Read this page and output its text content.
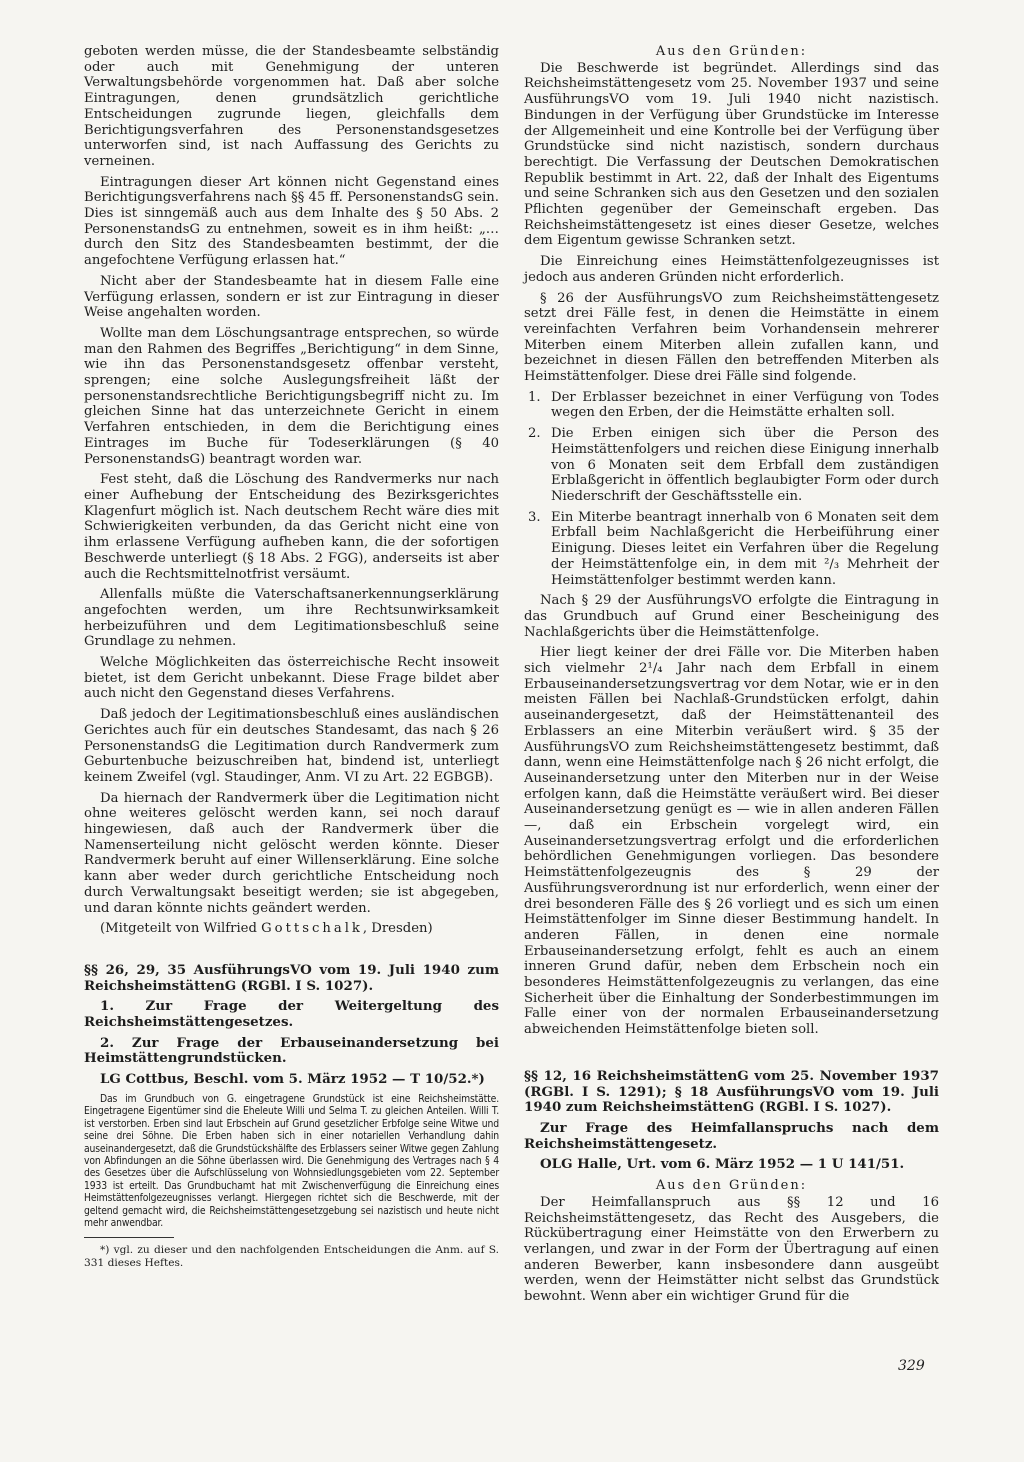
geboten werden müsse, die der Standesbeamte selbständig oder auch mit Genehmigung der unteren Verwaltungsbehörde vorgenommen hat. Daß aber solche Eintragungen, denen grundsätzlich gerichtliche Entscheidungen zugrunde liegen, gleichfalls dem Berichtigungsverfahren des Personenstandsgesetzes unterworfen sind, ist nach Auffassung des Gerichts zu verneinen.

Eintragungen dieser Art können nicht Gegenstand eines Berichtigungsverfahrens nach §§ 45 ff. PersonenstandsG sein. Dies ist sinngemäß auch aus dem Inhalte des § 50 Abs. 2 PersonenstandsG zu entnehmen, soweit es in ihm heißt: „… durch den Sitz des Standesbeamten bestimmt, der die angefochtene Verfügung erlassen hat.“

Nicht aber der Standesbeamte hat in diesem Falle eine Verfügung erlassen, sondern er ist zur Eintragung in dieser Weise angehalten worden.

Wollte man dem Löschungsantrage entsprechen, so würde man den Rahmen des Begriffes „Berichtigung“ in dem Sinne, wie ihn das Personenstandsgesetz offenbar versteht, sprengen; eine solche Auslegungsfreiheit läßt der personenstandsrechtliche Berichtigungsbegriff nicht zu. Im gleichen Sinne hat das unterzeichnete Gericht in einem Verfahren entschieden, in dem die Berichtigung eines Eintrages im Buche für Todeserklärungen (§ 40 PersonenstandsG) beantragt worden war.

Fest steht, daß die Löschung des Randvermerks nur nach einer Aufhebung der Entscheidung des Bezirksgerichtes Klagenfurt möglich ist. Nach deutschem Recht wäre dies mit Schwierigkeiten verbunden, da das Gericht nicht eine von ihm erlassene Verfügung aufheben kann, die der sofortigen Beschwerde unterliegt (§ 18 Abs. 2 FGG), anderseits ist aber auch die Rechtsmittelnotfrist versäumt.

Allenfalls müßte die Vaterschaftsanerkennungserklärung angefochten werden, um ihre Rechtsunwirksamkeit herbeizuführen und dem Legitimationsbeschluß seine Grundlage zu nehmen.

Welche Möglichkeiten das österreichische Recht insoweit bietet, ist dem Gericht unbekannt. Diese Frage bildet aber auch nicht den Gegenstand dieses Verfahrens.

Daß jedoch der Legitimationsbeschluß eines ausländischen Gerichtes auch für ein deutsches Standesamt, das nach § 26 PersonenstandsG die Legitimation durch Randvermerk zum Geburtenbuche beizuschreiben hat, bindend ist, unterliegt keinem Zweifel (vgl. Staudinger, Anm. VI zu Art. 22 EGBGB).

Da hiernach der Randvermerk über die Legitimation nicht ohne weiteres gelöscht werden kann, sei noch darauf hingewiesen, daß auch der Randvermerk über die Namenserteilung nicht gelöscht werden könnte. Dieser Randvermerk beruht auf einer Willenserklärung. Eine solche kann aber weder durch gerichtliche Entscheidung noch durch Verwaltungsakt beseitigt werden; sie ist abgegeben, und daran könnte nichts geändert werden.

(Mitgeteilt von Wilfried Gottschalk, Dresden)

§§ 26, 29, 35 AusführungsVO vom 19. Juli 1940 zum ReichsheimstättenG (RGBl. I S. 1027).

1. Zur Frage der Weitergeltung des Reichsheimstättengesetzes.

2. Zur Frage der Erbauseinandersetzung bei Heimstättengrundstücken.

LG Cottbus, Beschl. vom 5. März 1952 — T 10/52.*)

Das im Grundbuch von G. eingetragene Grundstück ist eine Reichsheimstätte. Eingetragene Eigentümer sind die Eheleute Willi und Selma T. zu gleichen Anteilen. Willi T. ist verstorben. Erben sind laut Erbschein auf Grund gesetzlicher Erbfolge seine Witwe und seine drei Söhne. Die Erben haben sich in einer notariellen Verhandlung dahin auseinandergesetzt, daß die Grundstückshälfte des Erblassers seiner Witwe gegen Zahlung von Abfindungen an die Söhne überlassen wird. Die Genehmigung des Vertrages nach § 4 des Gesetzes über die Aufschlüsselung von Wohnsiedlungsgebieten vom 22. September 1933 ist erteilt. Das Grundbuchamt hat mit Zwischenverfügung die Einreichung eines Heimstättenfolgezeugnisses verlangt. Hiergegen richtet sich die Beschwerde, mit der geltend gemacht wird, die Reichsheimstättengesetzgebung sei nazistisch und heute nicht mehr anwendbar.

*) vgl. zu dieser und den nachfolgenden Entscheidungen die Anm. auf S. 331 dieses Heftes.

Aus den Gründen:

Die Beschwerde ist begründet. Allerdings sind das Reichsheimstättengesetz vom 25. November 1937 und seine AusführungsVO vom 19. Juli 1940 nicht nazistisch. Bindungen in der Verfügung über Grundstücke im Interesse der Allgemeinheit und eine Kontrolle bei der Verfügung über Grundstücke sind nicht nazistisch, sondern durchaus berechtigt. Die Verfassung der Deutschen Demokratischen Republik bestimmt in Art. 22, daß der Inhalt des Eigentums und seine Schranken sich aus den Gesetzen und den sozialen Pflichten gegenüber der Gemeinschaft ergeben. Das Reichsheimstättengesetz ist eines dieser Gesetze, welches dem Eigentum gewisse Schranken setzt.

Die Einreichung eines Heimstättenfolgezeugnisses ist jedoch aus anderen Gründen nicht erforderlich.

§ 26 der AusführungsVO zum Reichsheimstättengesetz setzt drei Fälle fest, in denen die Heimstätte in einem vereinfachten Verfahren beim Vorhandensein mehrerer Miterben einem Miterben allein zufallen kann, und bezeichnet in diesen Fällen den betreffenden Miterben als Heimstättenfolger. Diese drei Fälle sind folgende.

1. Der Erblasser bezeichnet in einer Verfügung von Todes wegen den Erben, der die Heimstätte erhalten soll.
2. Die Erben einigen sich über die Person des Heimstättenfolgers und reichen diese Einigung innerhalb von 6 Monaten seit dem Erbfall dem zuständigen Erblaßgericht in öffentlich beglaubigter Form oder durch Niederschrift der Geschäftsstelle ein.
3. Ein Miterbe beantragt innerhalb von 6 Monaten seit dem Erbfall beim Nachlaßgericht die Herbeiführung einer Einigung. Dieses leitet ein Verfahren über die Regelung der Heimstättenfolge ein, in dem mit ²/₃ Mehrheit der Heimstättenfolger bestimmt werden kann.

Nach § 29 der AusführungsVO erfolgte die Eintragung in das Grundbuch auf Grund einer Bescheinigung des Nachlaßgerichts über die Heimstättenfolge.

Hier liegt keiner der drei Fälle vor. Die Miterben haben sich vielmehr 2¹/₄ Jahr nach dem Erbfall in einem Erbauseinandersetzungsvertrag vor dem Notar, wie er in den meisten Fällen bei Nachlaß-Grundstücken erfolgt, dahin auseinandergesetzt, daß der Heimstättenanteil des Erblassers an eine Miterbin veräußert wird. § 35 der AusführungsVO zum Reichsheimstättengesetz bestimmt, daß dann, wenn eine Heimstättenfolge nach § 26 nicht erfolgt, die Auseinandersetzung unter den Miterben nur in der Weise erfolgen kann, daß die Heimstätte veräußert wird. Bei dieser Auseinandersetzung genügt es — wie in allen anderen Fällen —, daß ein Erbschein vorgelegt wird, ein Auseinandersetzungsvertrag erfolgt und die erforderlichen behördlichen Genehmigungen vorliegen. Das besondere Heimstättenfolgezeugnis des § 29 der Ausführungsverordnung ist nur erforderlich, wenn einer der drei besonderen Fälle des § 26 vorliegt und es sich um einen Heimstättenfolger im Sinne dieser Bestimmung handelt. In anderen Fällen, in denen eine normale Erbauseinandersetzung erfolgt, fehlt es auch an einem inneren Grund dafür, neben dem Erbschein noch ein besonderes Heimstättenfolgezeugnis zu verlangen, das eine Sicherheit über die Einhaltung der Sonderbestimmungen im Falle einer von der normalen Erbauseinandersetzung abweichenden Heimstättenfolge bieten soll.

§§ 12, 16 ReichsheimstättenG vom 25. November 1937 (RGBl. I S. 1291); § 18 AusführungsVO vom 19. Juli 1940 zum ReichsheimstättenG (RGBl. I S. 1027).

Zur Frage des Heimfallanspruchs nach dem Reichsheimstättengesetz.

OLG Halle, Urt. vom 6. März 1952 — 1 U 141/51.

Aus den Gründen:

Der Heimfallanspruch aus §§ 12 und 16 Reichsheimstättengesetz, das Recht des Ausgebers, die Rückübertragung einer Heimstätte von den Erwerbern zu verlangen, und zwar in der Form der Übertragung auf einen anderen Bewerber, kann insbesondere dann ausgeübt werden, wenn der Heimstätter nicht selbst das Grundstück bewohnt. Wenn aber ein wichtiger Grund für die

329
